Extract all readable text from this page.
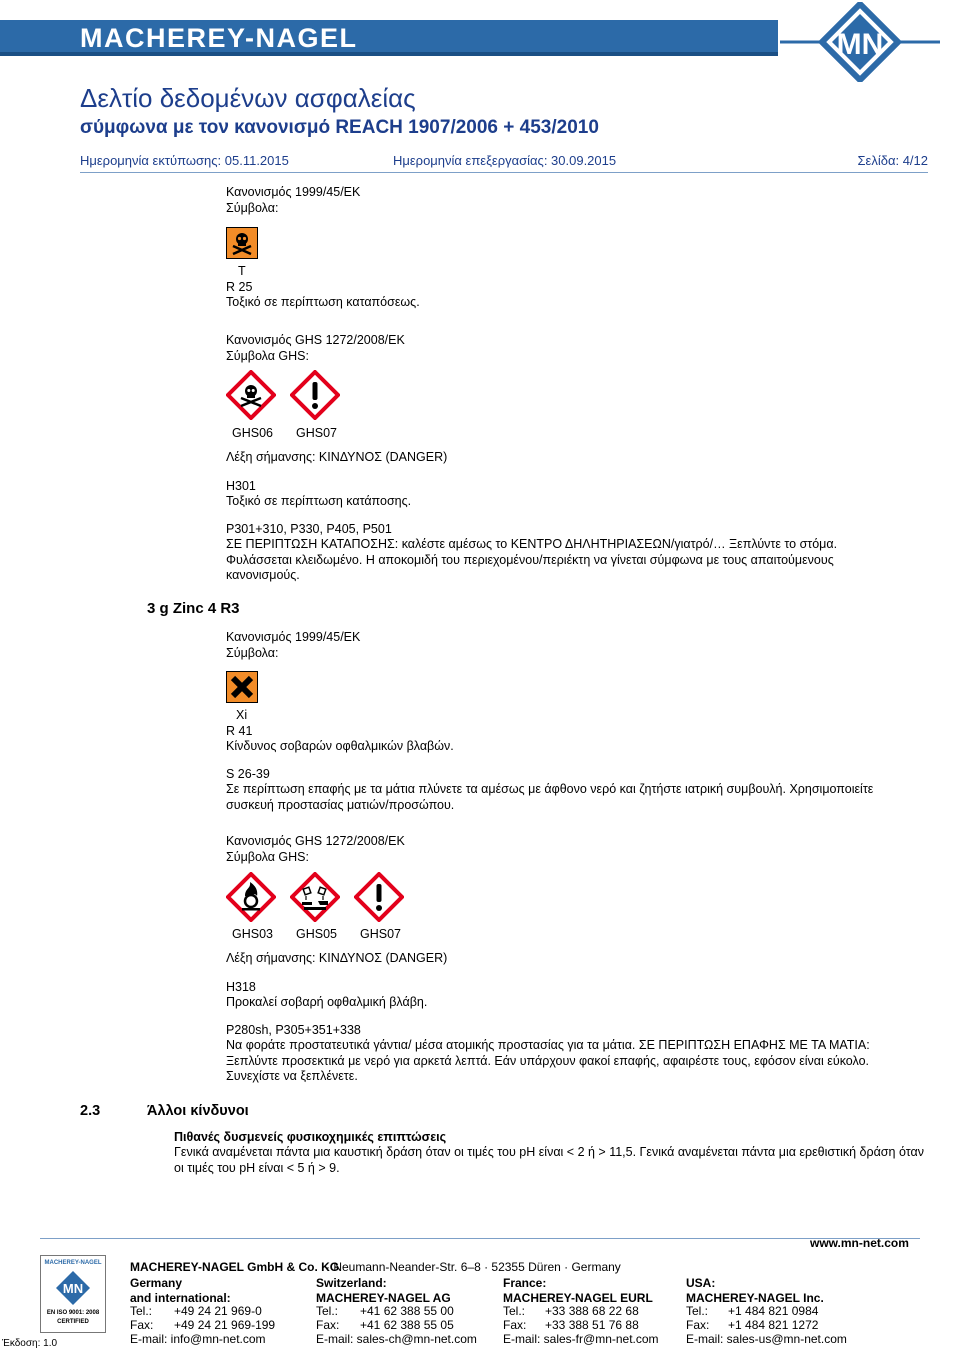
MACHEREY-NAGEL	MN
Δελτίο δεδομένων ασφαλείας
σύμφωνα με τον κανονισμό REACH 1907/2006 + 453/2010
Ημερομηνία εκτύπωσης: 05.11.2015	Ημερομηνία επεξεργασίας: 30.09.2015	Σελίδα: 4/12
Κανονισμός 1999/45/ΕΚ
Σύμβολα:
T
R 25
Τοξικό σε περίπτωση καταπόσεως.
Κανονισμός GHS 1272/2008/ΕΚ
Σύμβολα GHS:
GHS06 GHS07
Λέξη σήμανσης: ΚΙΝΔΥΝΟΣ (DANGER)
H301
Τοξικό σε περίπτωση κατάποσης.
P301+310, P330, P405, P501
ΣΕ ΠΕΡΙΠΤΩΣΗ ΚΑΤΑΠΟΣΗΣ: καλέστε αμέσως το ΚΕΝΤΡΟ ΔΗΛΗΤΗΡΙΑΣΕΩΝ/γιατρό/… Ξεπλύντε το στόμα. Φυλάσσεται κλειδωμένο. Η αποκομιδή του περιεχομένου/περιέκτη να γίνεται σύμφωνα με τους απαιτούμενους κανονισμούς.
3 g Zinc 4 R3
Κανονισμός 1999/45/ΕΚ
Σύμβολα:
Xi
R 41
Κίνδυνος σοβαρών οφθαλμικών βλαβών.
S 26-39
Σε περίπτωση επαφής με τα μάτια πλύνετε τα αμέσως με άφθονο νερό και ζητήστε ιατρική συμβουλή. Χρησιμοποιείτε συσκευή προστασίας ματιών/προσώπου.
Κανονισμός GHS 1272/2008/ΕΚ
Σύμβολα GHS:
GHS03 GHS05 GHS07
Λέξη σήμανσης: ΚΙΝΔΥΝΟΣ (DANGER)
H318
Προκαλεί σοβαρή οφθαλμική βλάβη.
P280sh, P305+351+338
Να φοράτε προστατευτικά γάντια/ μέσα ατομικής προστασίας για τα μάτια. ΣΕ ΠΕΡΙΠΤΩΣΗ ΕΠΑΦΗΣ ΜΕ ΤΑ ΜΑΤΙΑ: Ξεπλύντε προσεκτικά με νερό για αρκετά λεπτά. Εάν υπάρχουν φακοί επαφής, αφαιρέστε τους, εφόσον είναι εύκολο. Συνεχίστε να ξεπλένετε.
2.3	Άλλοι κίνδυνοι
Πιθανές δυσμενείς φυσικοχημικές επιπτώσεις
Γενικά αναμένεται πάντα μια καυστική δράση όταν οι τιμές του pH είναι < 2 ή > 11,5. Γενικά αναμένεται πάντα μια ερεθιστική δράση όταν οι τιμές του pH είναι < 5 ή > 9.
MACHEREY-NAGEL GmbH & Co. KG
· Neumann-Neander-Str. 6–8 · 52355 Düren · Germany
www.mn-net.com
MACHEREY-NAGEL
MN
EN ISO 9001: 2008
CERTIFIED
Έκδοση: 1.0
Germany
and international:
Tel.: +49 24 21 969-0
Fax: +49 24 21 969-199
E-mail: info@mn-net.com
Switzerland:
MACHEREY-NAGEL AG
Tel.: +41 62 388 55 00
Fax: +41 62 388 55 05
E-mail: sales-ch@mn-net.com
France:
MACHEREY-NAGEL EURL
Tel.: +33 388 68 22 68
Fax: +33 388 51 76 88
E-mail: sales-fr@mn-net.com
USA:
MACHEREY-NAGEL Inc.
Tel.: +1 484 821 0984
Fax: +1 484 821 1272
E-mail: sales-us@mn-net.com
